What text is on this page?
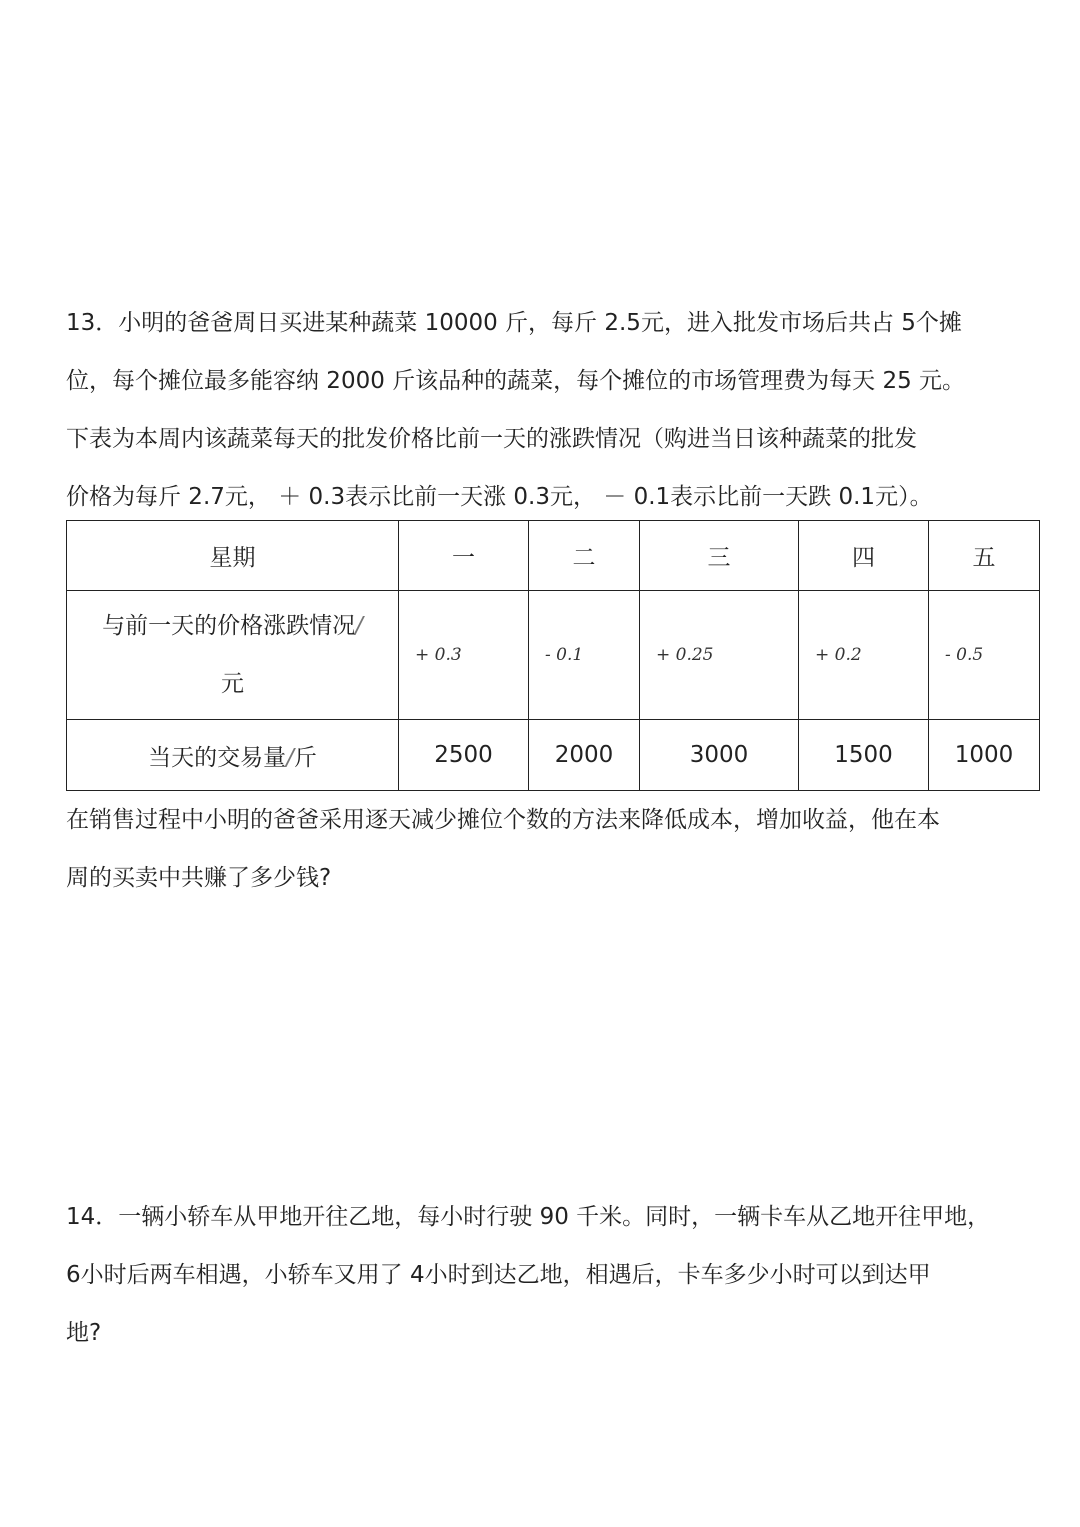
13．小明的爸爸周日买进某种蔬菜 10000 斤，每斤 2.5元，进入批发市场后共占 5个摊
位，每个摊位最多能容纳 2000 斤该品种的蔬菜，每个摊位的市场管理费为每天 25 元。
下表为本周内该蔬菜每天的批发价格比前一天的涨跌情况（购进当日该种蔬菜的批发
价格为每斤 2.7元， ＋ 0.3表示比前一天涨 0.3元， － 0.1表示比前一天跌 0.1元）。
星期	一	二	三	四	五
与前一天的价格涨跌情况/
元	+ 0.3	- 0.1	+ 0.25	+ 0.2	- 0.5
当天的交易量/斤	2500	2000	3000	1500	1000
在销售过程中小明的爸爸采用逐天减少摊位个数的方法来降低成本，增加收益，他在本
周的买卖中共赚了多少钱?
14．一辆小轿车从甲地开往乙地，每小时行驶 90 千米。同时，一辆卡车从乙地开往甲地，
6小时后两车相遇，小轿车又用了 4小时到达乙地，相遇后，卡车多少小时可以到达甲
地?
